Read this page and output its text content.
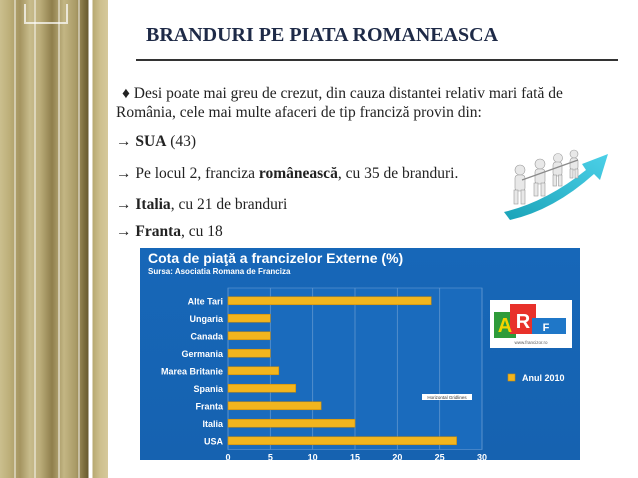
BRANDURI PE PIATA ROMANEASCA
♦ Desi poate mai greu de crezut, din cauza distantei relativ mari fată de
România, cele mai multe afaceri de tip franciză provin din:
→ SUA (43)
→ Pe locul 2, franciza românească, cu 35 de branduri.
→ Italia, cu 21 de branduri
→ Franta, cu 18
Cota de piaţă a francizelor Externe (%)
Sursa: Asociatia Romana de Franciza
0	5	10	15	20	25	30
Alte Tari
Ungaria
Canada
Germania
Marea Britanie
Spania
Franta
Italia
USA
Horizontal Gridlines
A R F
www.francizor.ro
Anul 2010
